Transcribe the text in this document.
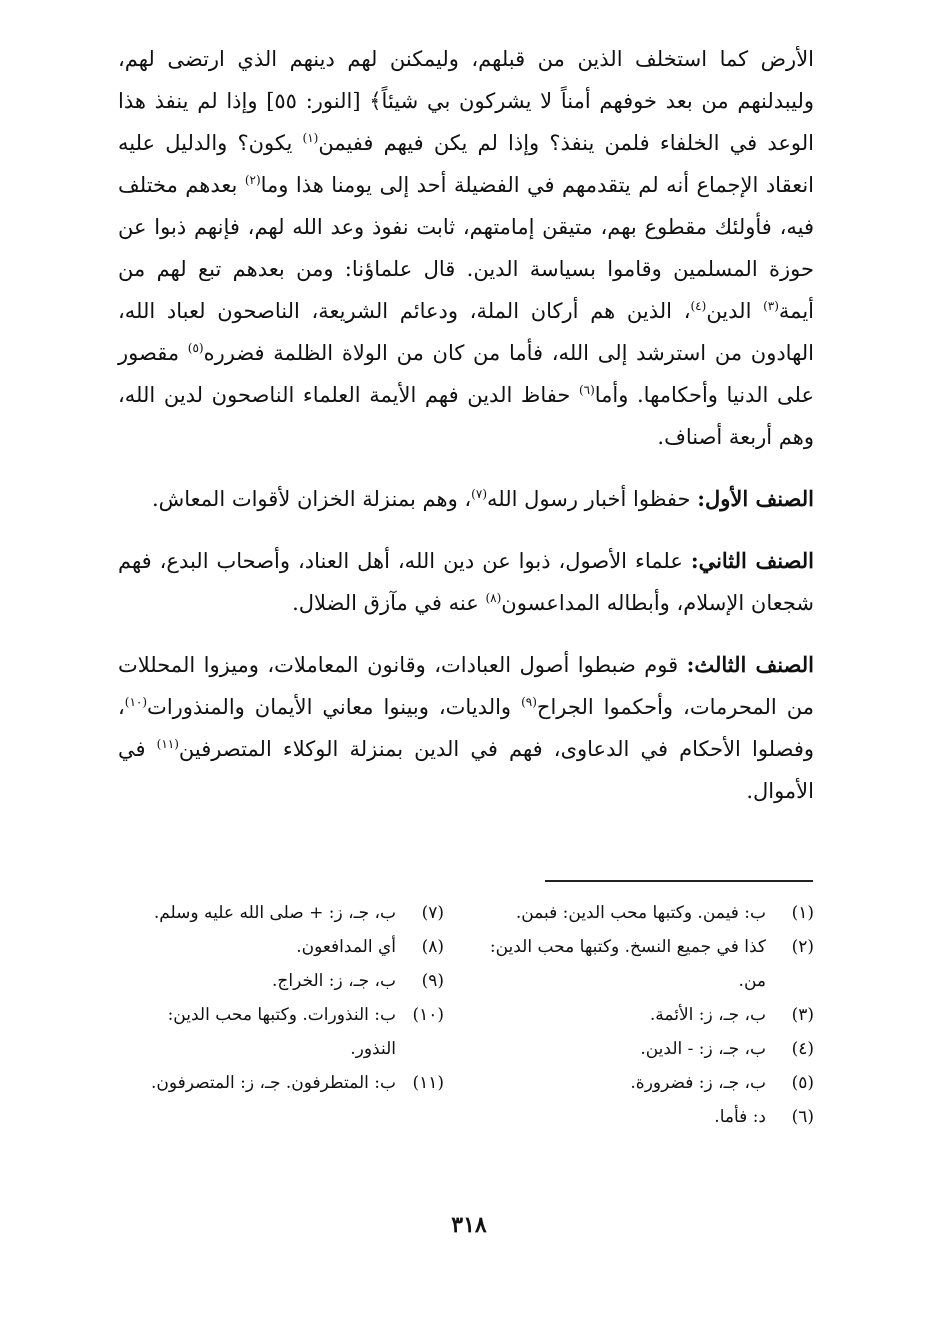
الأرض كما استخلف الذين من قبلهم، وليمكنن لهم دينهم الذي ارتضى لهم، وليبدلنهم من بعد خوفهم أمناً لا يشركون بي شيئاً﴾ [النور: ٥٥] وإذا لم ينفذ هذا الوعد في الخلفاء فلمن ينفذ؟ وإذا لم يكن فيهم ففيمن$^{(١)}$ يكون؟ والدليل عليه انعقاد الإجماع أنه لم يتقدمهم في الفضيلة أحد إلى يومنا هذا وما$^{(٢)}$ بعدهم مختلف فيه، فأولئك مقطوع بهم، متيقن إمامتهم، ثابت نفوذ وعد الله لهم، فإنهم ذبوا عن حوزة المسلمين وقاموا بسياسة الدين. قال علماؤنا: ومن بعدهم تبع لهم من أيمة$^{(٣)}$ الدين$^{(٤)}$، الذين هم أركان الملة، ودعائم الشريعة، الناصحون لعباد الله، الهادون من استرشد إلى الله، فأما من كان من الولاة الظلمة فضرره$^{(٥)}$ مقصور على الدنيا وأحكامها. وأما$^{(٦)}$ حفاظ الدين فهم الأيمة العلماء الناصحون لدين الله، وهم أربعة أصناف.

الصنف الأول: حفظوا أخبار رسول الله$^{(٧)}$، وهم بمنزلة الخزان لأقوات المعاش.

الصنف الثاني: علماء الأصول، ذبوا عن دين الله، أهل العناد، وأصحاب البدع، فهم شجعان الإسلام، وأبطاله المداعسون$^{(٨)}$ عنه في مآزق الضلال.

الصنف الثالث: قوم ضبطوا أصول العبادات، وقانون المعاملات، وميزوا المحللات من المحرمات، وأحكموا الجراح$^{(٩)}$ والديات، وبينوا معاني الأيمان والمنذورات$^{(١٠)}$، وفصلوا الأحكام في الدعاوى، فهم في الدين بمنزلة الوكلاء المتصرفين$^{(١١)}$ في الأموال.

(١)
ب: فيمن. وكتبها محب الدين: فبمن.
(٢)
كذا في جميع النسخ. وكتبها محب الدين: من.
(٣)
ب، جـ، ز: الأئمة.
(٤)
ب، جـ، ز: - الدين.
(٥)
ب، جـ، ز: فضرورة.
(٦)
د: فأما.
(٧)
ب، جـ، ز: + صلى الله عليه وسلم.
(٨)
أي المدافعون.
(٩)
ب، جـ، ز: الخراج.
(١٠)
ب: النذورات. وكتبها محب الدين: النذور.
(١١)
ب: المتطرفون. جـ، ز: المتصرفون.
٣١٨
